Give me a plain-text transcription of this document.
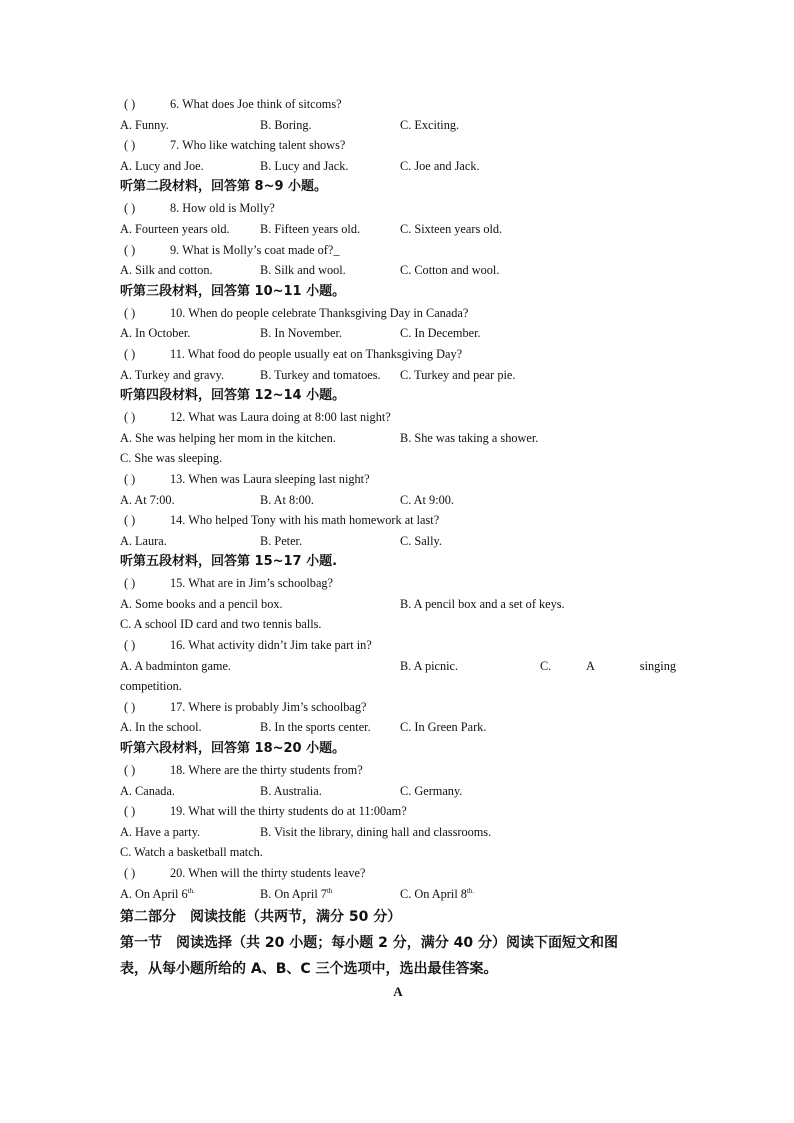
( )	6. What does Joe think of sitcoms?
A. Funny.	B. Boring.	C. Exciting.
( )	7. Who like watching talent shows?
A. Lucy and Joe.	B. Lucy and Jack.	C. Joe and Jack.
听第二段材料，回答第 8~9 小题。
( )	8. How old is Molly?
A. Fourteen years old.	B. Fifteen years old.	C. Sixteen years old.
( )	9. What is Molly’s coat made of?_
A. Silk and cotton.	B. Silk and wool.	C. Cotton and wool.
听第三段材料，回答第 10~11 小题。
( )	10. When do people celebrate Thanksgiving Day in Canada?
A. In October.	B. In November.	C. In December.
( )	11. What food do people usually eat on Thanksgiving Day?
A. Turkey and gravy.	B. Turkey and tomatoes.	C. Turkey and pear pie.
听第四段材料，回答第 12~14 小题。
( )	12. What was Laura doing at 8:00 last night?
A. She was helping her mom in the kitchen.	B. She was taking a shower.
C. She was sleeping.
( )	13. When was Laura sleeping last night?
A. At 7:00.	B. At 8:00.	C. At 9:00.
( )	14. Who helped Tony with his math homework at last?
A. Laura.	B. Peter.	C. Sally.
听第五段材料，回答第 15~17 小题.
( )	15. What are in Jim’s schoolbag?
A. Some books and a pencil box.	B. A pencil box and a set of keys.
C. A school ID card and two tennis balls.
( )	16. What activity didn’t Jim take part in?
A. A badminton game.	B. A picnic.	C.	A	singing
competition.
( )	17. Where is probably Jim’s schoolbag?
A. In the school.	B. In the sports center.	C. In Green Park.
听第六段材料，回答第 18~20 小题。
( )	18. Where are the thirty students from?
A. Canada.	B. Australia.	C. Germany.
( )	19. What will the thirty students do at 11:00am?
A. Have a party.	B. Visit the library, dining hall and classrooms.
C. Watch a basketball match.
( )	20. When will the thirty students leave?
A. On April $6^{th.}$	B. On April 7th	C. On April $8^{th.}$
第二部分　阅读技能（共两节，满分 50 分）
第一节　阅读选择（共 20 小题；每小题 2 分，满分 40 分）阅读下面短文和图
表，从每小题所给的 A、B、C 三个选项中，选出最佳答案。
A
